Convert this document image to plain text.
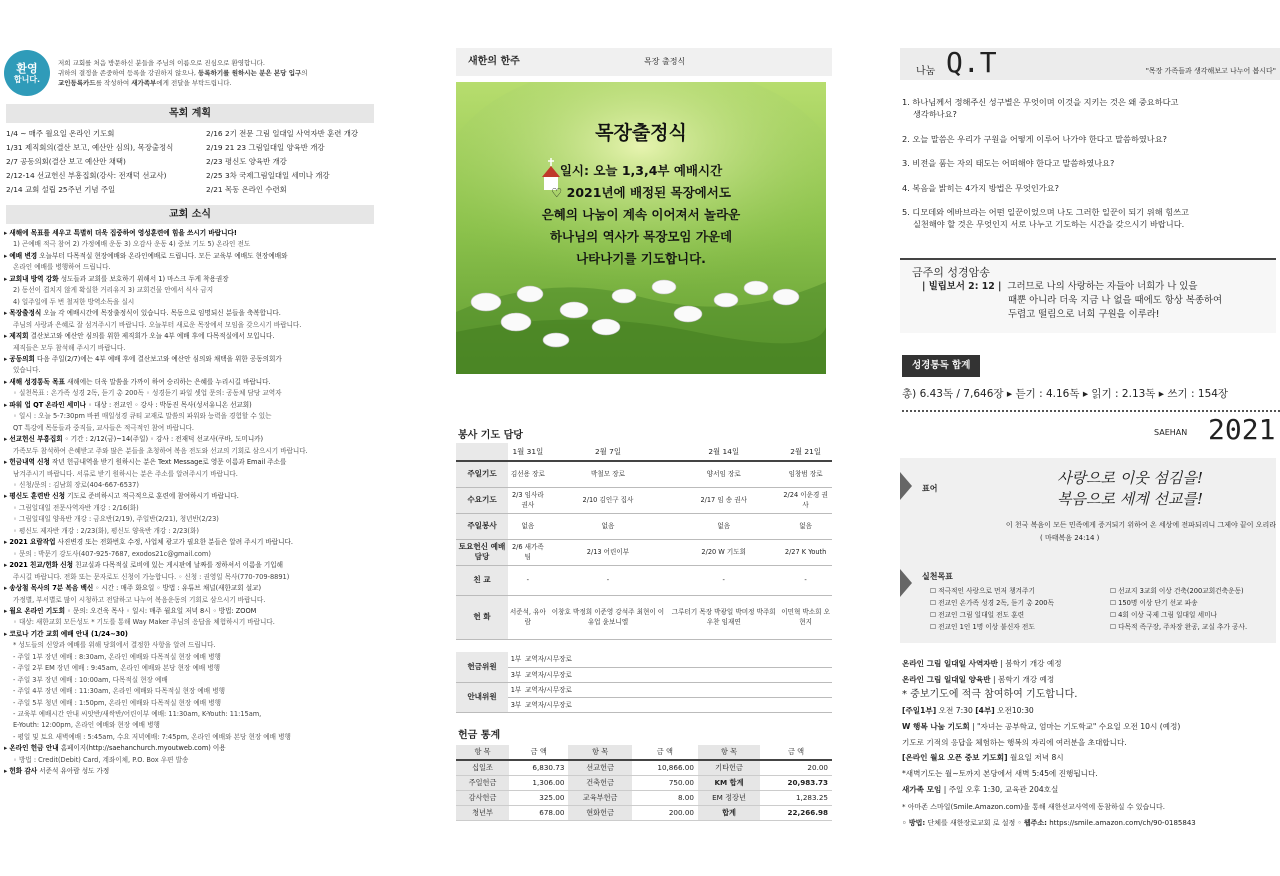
환영
합니다.
저희 교회를 처음 방문하신 분들을 주님의 이름으로 진심으로 환영합니다.
귀하의 결정을 존중하여 등록을 강권하지 않으나, 등록하기를 원하시는 분은 본당 입구의
교인등록카드를 작성하여 새가족부에게 전달을 부탁드립니다.
목회 계획
1/4 ~ 매주 월요일 온라인 기도회	2/16 2기 전문 그림 일대일 사역자반 훈련 개강
1/31 제직회의(결산 보고, 예산안 심의), 목장출정식	2/19 21 23 그림일대일 양육반 개강
2/7 공동의회(결산 보고 예산안 채택)	2/23 평신도 양육반 개강
2/12-14 선교헌신 부흥집회(강사: 전재덕 선교사)	2/25 3차 국제그림일대일 세미나 개강
2/14 교회 설립 25주년 기념 주일	2/21 목동 온라인 수련회
교회 소식
▸ 새해에 목표를 세우고 특별히 더욱 집중하여 영성훈련에 힘을 쓰시기 바랍니다!
1) 곤예배 적극 참여 2) 가정예배 운동 3) 오감사 운동 4) 중보 기도 5) 온라인 전도
▸ 예배 변경 오늘부터 다목적실 현장예배와 온라인예배로 드립니다. 모든 교육부 예배도 현장예배와
온라인 예배를 병행하여 드립니다.
▸ 교회내 방역 강화 성도들과 교회를 보호하기 위해서 1) 마스크 두게 착용권장
2) 동선이 겹치지 않게 확실한 거리유지 3) 교회건물 안에서 식사 금지
4) 일주일에 두 번 철저한 방역소독을 실시
▸ 목장출정식 오늘 각 예배시간에 목장출정식이 있습니다. 목동으로 임명되신 분들을 축복합니다.
주님의 사랑과 은혜로 잘 섬겨주시기 바랍니다. 오늘부터 새로운 목장에서 모임을 갖으시기 바랍니다.
▸ 제직회 결산보고와 예산안 심의를 위한 제직회가 오늘 4부 예배 후에 다목적실에서 모입니다.
제직들은 모두 참석해 주시기 바랍니다.
▸ 공동의회 다음 주일(2/7)에는 4부 예배 후에 결산보고와 예산안 심의와 채택을 위한 공동의회가
있습니다.
▸ 새해 성경통독 목표 새해에는 더욱 말씀을 가까이 하여 승리하는 은혜를 누리시길 바랍니다.
◦ 실천목표 : 온가족 성경 2독, 듣기 총 200독 ◦ 성경듣기 파일 셋업 문의: 공동체 담당 교역자
▸ 파워 업 QT 온라인 세미나 ◦ 대상 : 전교인 ◦ 강사 : 박동진 목사(성서유니온 선교회)
◦ 일시 : 오늘 5-7:30pm 바뀐 매일성경 큐티 교재로 말씀의 파워와 능력을 경험할 수 있는
QT 특강에 목동들과 중직들, 교사들은 적극적인 참여 바랍니다.
▸ 선교헌신 부흥집회 ◦ 기간 : 2/12(금)~14(주일) ◦ 강사 : 전재덕 선교사(쿠바, 도미니카)
가족모두 참석하여 은혜받고 주와 많은 분들을 초청하여 복음 전도와 선교의 기회로 삼으시기 바랍니다.
▸ 헌금내역 신청 작년 헌금내역을 받기 원하시는 분은 Text Message로 영문 이름과 Email 주소를
남겨주시기 바랍니다. 서류로 받기 원하시는 분은 주소를 알려주시기 바랍니다.
◦ 신청/문의 : 김남희 장로(404-667-6537)
▸ 평신도 훈련반 신청 기도로 준비하시고 적극적으로 훈련에 참여하시기 바랍니다.
◦ 그림일대일 전문사역자반 개강 : 2/16(화)
◦ 그림일대일 양육반 개강 : 금요반(2/19), 주일반(2/21), 청년반(2/23)
◦ 평신도 제자반 개강 : 2/23(화), 평신도 양육반 개강 : 2/23(화)
▸ 2021 요람작업 사진변경 또는 전화번호 수정, 사업체 광고가 필요한 분들은 알려 주시기 바랍니다.
◦ 문의 : 박문기 강도사(407-925-7687, exodos21c@gmail.com)
▸ 2021 친교/헌화 신청 친교실과 다목적실 로비에 있는 게시판에 날짜를 정하셔서 이름을 기입해
주시길 바랍니다. 전화 또는 문자로도 신청이 가능합니다. ◦ 신청 : 권영일 목사(770-709-8891)
▸ 송상철 목사의 7분 복음 백신 ◦ 시간 : 매주 화요일 ◦ 방법 : 유튜브 채널(새한교회 설교)
가정별, 부서별로 많이 시청하고 전달하고 나누어 복음운동의 기회로 삼으시기 바랍니다.
▸ 월요 온라인 기도회 ◦ 문의: 오건욱 목사 ◦ 일시: 매주 월요일 저녁 8시 ◦ 방법: ZOOM
◦ 대상: 새한교회 모든성도 * 기도를 통해 Way Maker 주님의 응답을 체험하시기 바랍니다.
▸ 코로나 기간 교회 예배 안내 (1/24~30)
* 성도들의 신앙과 예배를 위해 당회에서 결정한 사항을 알려 드립니다.
- 주일 1부 장년 예배 : 8:30am, 온라인 예배와 다목적실 현장 예배 병행
- 주일 2부 EM 장년 예배 : 9:45am, 온라인 예배와 본당 현장 예배 병행
- 주일 3부 장년 예배 : 10:00am, 다목적실 현장 예배
- 주일 4부 장년 예배 : 11:30am, 온라인 예배와 다목적실 현장 예배 병행
- 주일 5부 청년 예배 : 1:50pm, 온라인 예배와 다목적실 현장 예배 병행
- 교육부 예배시간 안내 씨앗반/새싹반/어린이부 예배: 11:30am, K-Youth: 11:15am,
E-Youth: 12:00pm, 온라인 예배와 현장 예배 병행
- 평일 및 토요 새벽예배 : 5:45am, 수요 저녁예배: 7:45pm, 온라인 예배와 본당 현장 예배 병행
▸ 온라인 헌금 안내 홈페이지(http://saehanchurch.myoutweb.com) 이용
◦ 방법 : Credit(Debit) Card, 계좌이체, P.O. Box 우편 발송
▸ 헌화 감사 서준석 유아람 성도 가정
새한의 한주	목장 출정식
목장출정식
일시: 오늘 1,3,4부 예배시간
♡ 2021년에 배정된 목장에서도
은혜의 나눔이 계속 이어져서 놀라운
하나님의 역사가 목장모임 가운데
나타나기를 기도합니다.
봉사 기도 담당
	1월 31일	2월 7일	2월 14일	2월 21일
주일기도	김선용 장로	박철모 장로	양서임 장로	임창범 장로
수요기도	2/3 임사라 권사	2/10 김인구 집사	2/17 임 송 권사	2/24 이운경 권사
주일봉사	없음	없음	없음	없음
토요헌신 예배담당	2/6 새가족팀	2/13 어린이부	2/20 W 기도회	2/27 K Youth
친 교	-	-	-	-
헌 화	서준석, 유아람	이창호 박정희 이준영 강석주 최현이 이유업 윤보니엘	그루터기 목장 박광일 박미정 박주희 우찬 임재연	이민혁 박소희 오현지
헌금위원	1부	교역자/시무장로
	3부	교역자/시무장로
안내위원	1부	교역자/시무장로
	3부	교역자/시무장로
헌금 통계
항 목	금 액	항 목	금 액	항 목	금 액
십일조	6,830.73	선교헌금	10,866.00	기타헌금	20.00
주일헌금	1,306.00	건축헌금	750.00	KM 합계	20,983.73
감사헌금	325.00	교육부헌금	8.00	EM 정장년	1,283.25
청년부	678.00	현화헌금	200.00	합계	22,266.98
나눔 Q.T	"목장 가족들과 생각해보고 나누어 봅시다"
1. 하나님께서 정해주신 성구별은 무엇이며 이것을 지키는 것은 왜 중요하다고
생각하나요?
2. 오늘 말씀은 우리가 구원을 어떻게 이루어 나가야 한다고 말씀하였나요?
3. 비전을 품는 자의 태도는 어떠해야 한다고 말씀하였나요?
4. 복음을 밝히는 4가지 방법은 무엇인가요?
5. 디모데와 에바브라는 어떤 일꾼이었으며 나도 그러한 일꾼이 되기 위해 힘쓰고
실천해야 할 것은 무엇인지 서로 나누고 기도하는 시간을 갖으시기 바랍니다.
금주의 성경암송
| 빌립보서 2: 12 | 그러므로 나의 사랑하는 자들아 너희가 나 있을
때뿐 아니라 더욱 지금 나 없을 때에도 항상 복종하여
두렵고 떨림으로 너희 구원을 이루라!
성경통독 합계
총) 6.43독 / 7,646장 ▸ 듣기 : 4.16독 ▸ 읽기 : 2.13독 ▸ 쓰기 : 154장
SAEHAN 2021
표어
사랑으로 이웃 섬김을!
복음으로 세계 선교를!
이 천국 복음이 모든 민족에게 증거되기 위하여 온 세상에 전파되리니 그제야 끝이 오리라
( 마태복음 24:14 )
실천목표
☐ 적극적인 사랑으로 먼저 챙겨주기	☐ 선교지 3교회 이상 건축(200교회건축운동)
☐ 전교인 온가족 성경 2독, 듣기 총 200독	☐ 150명 이상 단기 선교 파송
☐ 전교인 그림 일대일 전도 훈련	☐ 4회 이상 국제 그림 일대일 세미나
☐ 전교인 1인 1명 이상 불신자 전도	☐ 다목적 족구장, 주차장 완공, 교실 추가 공사.
온라인 그림 일대일 사역자반 | 봄학기 개강 예정
온라인 그림 일대일 양육반 | 봄학기 개강 예정
* 중보기도에 적극 참여하여 기도합니다.
[주일1부] 오전 7:30 [4부] 오전10:30
W 행복 나눔 기도회 | "자녀는 공부학교, 엄마는 기도학교" 수요일 오전 10시 (예정)
기도로 기적의 응답을 체험하는 행복의 자리에 여러분을 초대합니다.
[온라인 월요 오픈 중보 기도회] 월요일 저녁 8시
*새벽기도는 월~토까지 본당에서 새벽 5:45에 진행됩니다.
새가족 모임 | 주일 오후 1:30, 교육관 204호실
* 아마존 스마일(Smile.Amazon.com)을 통해 새한선교사역에 동참하실 수 있습니다.
◦ 방법: 단체를 새한장로교회 로 설정 ◦ 웹주소: https://smile.amazon.com/ch/90-0185843
